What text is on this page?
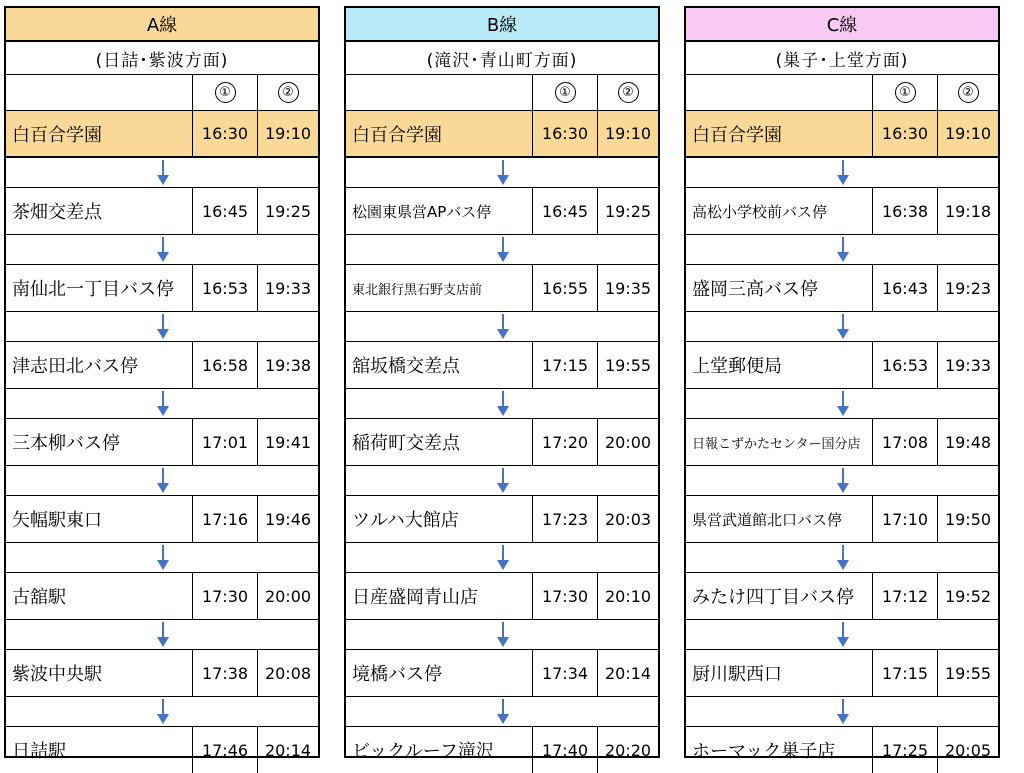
A線
(日詰･紫波方面)
①	②
白百合学園	16:30	19:10
茶畑交差点	16:45	19:25
南仙北一丁目バス停	16:53	19:33
津志田北バス停	16:58	19:38
三本柳バス停	17:01	19:41
矢幅駅東口	17:16	19:46
古舘駅	17:30	20:00
紫波中央駅	17:38	20:08
日詰駅	17:46	20:14
B線
(滝沢･青山町方面)
①	②
白百合学園	16:30	19:10
松園東県営APバス停	16:45	19:25
東北銀行黒石野支店前	16:55	19:35
舘坂橋交差点	17:15	19:55
稲荷町交差点	17:20	20:00
ツルハ大館店	17:23	20:03
日産盛岡青山店	17:30	20:10
境橋バス停	17:34	20:14
ビックルーフ滝沢	17:40	20:20
C線
(巣子･上堂方面)
①	②
白百合学園	16:30	19:10
高松小学校前バス停	16:38	19:18
盛岡三高バス停	16:43	19:23
上堂郵便局	16:53	19:33
日報こずかたセンター国分店	17:08	19:48
県営武道館北口バス停	17:10	19:50
みたけ四丁目バス停	17:12	19:52
厨川駅西口	17:15	19:55
ホーマック巣子店	17:25	20:05
